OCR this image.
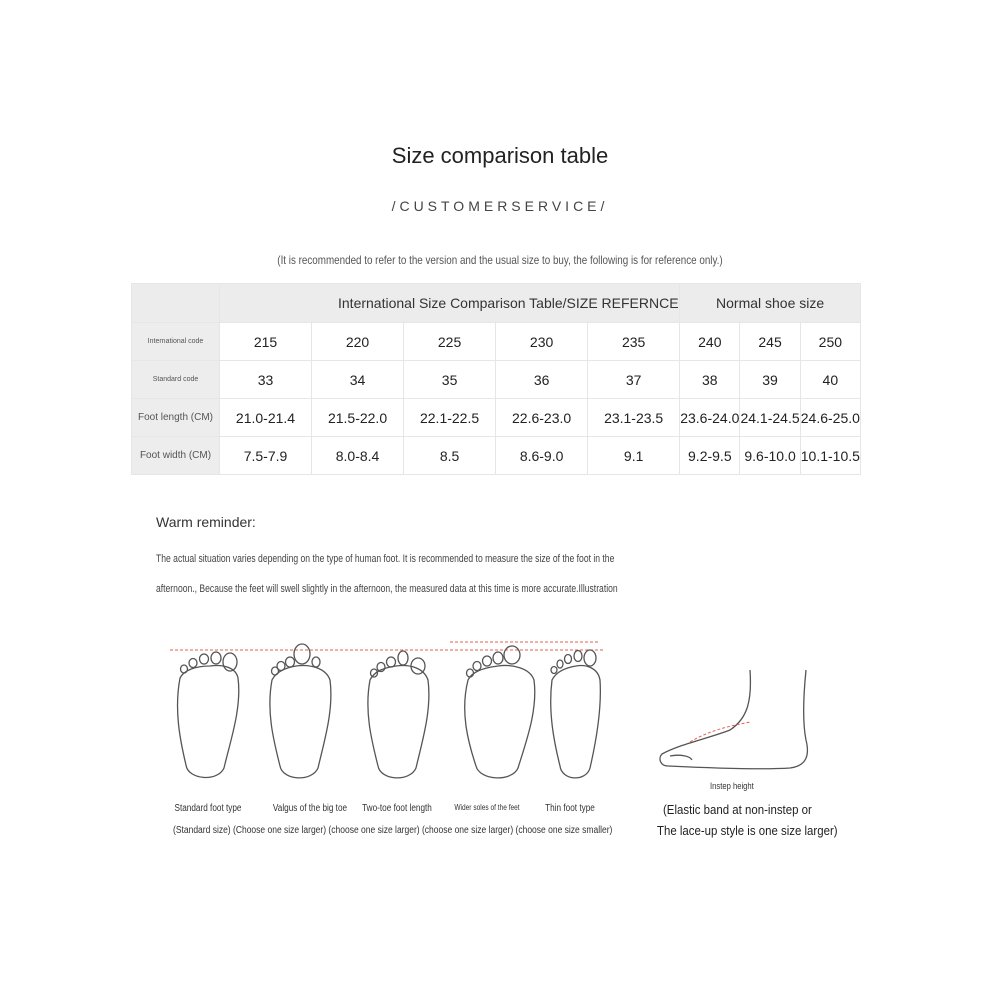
Size comparison table
/CUSTOMERSERVICE/
(It is recommended to refer to the version and the usual size to buy, the following is for reference only.)
	International Size Comparison Table/SIZE REFERNCE					Normal shoe size		
International code	215	220	225	230	235	240	245	250
Standard code	33	34	35	36	37	38	39	40
Foot length (CM)	21.0-21.4	21.5-22.0	22.1-22.5	22.6-23.0	23.1-23.5	23.6-24.0	24.1-24.5	24.6-25.0
Foot width (CM)	7.5-7.9	8.0-8.4	8.5	8.6-9.0	9.1	9.2-9.5	9.6-10.0	10.1-10.5
Warm reminder:
The actual situation varies depending on the type of human foot. It is recommended to measure the size of the foot in the
afternoon., Because the feet will swell slightly in the afternoon, the measured data at this time is more accurate.Illustration
Standard foot type	Valgus of the big toe	Two-toe foot length	Wider soles of the feet	Thin foot type
(Standard size) (Choose one size larger) (choose one size larger) (choose one size larger) (choose one size smaller)
Instep height
(Elastic band at non-instep or
The lace-up style is one size larger)
